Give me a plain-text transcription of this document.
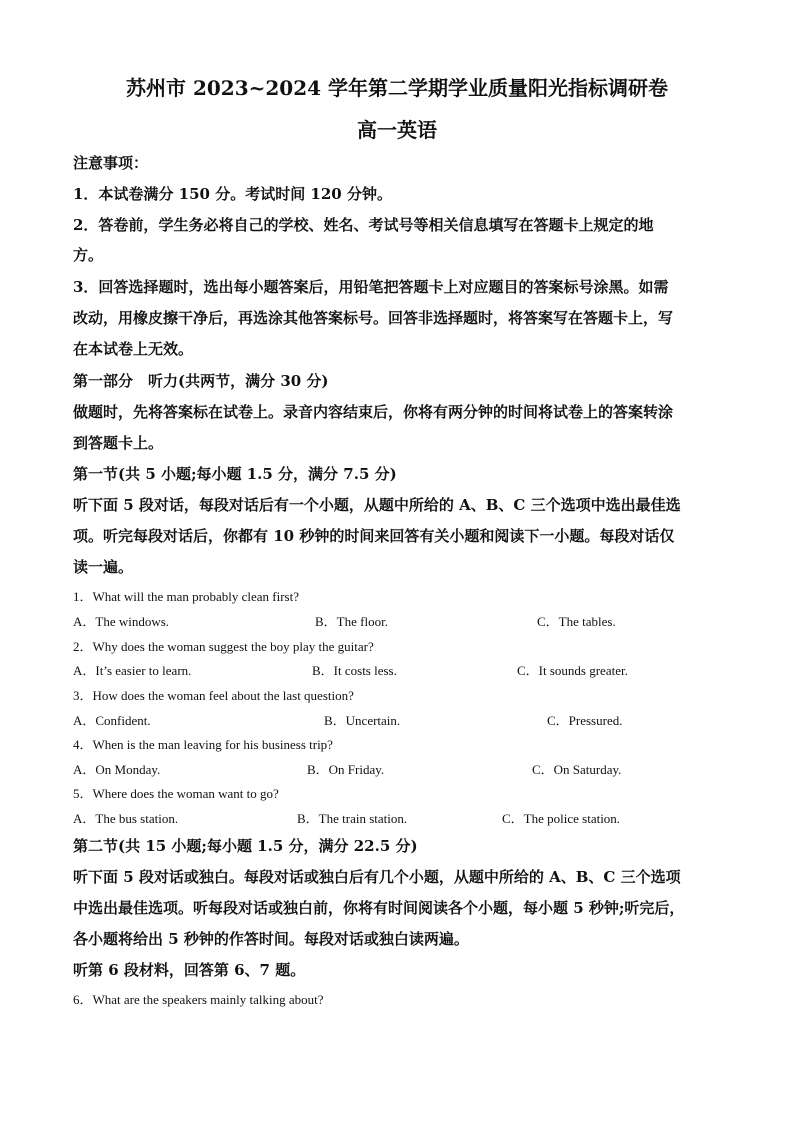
苏州市 2023~2024 学年第二学期学业质量阳光指标调研卷
高一英语
注意事项：
1．本试卷满分 150 分。考试时间 120 分钟。
2．答卷前，学生务必将自己的学校、姓名、考试号等相关信息填写在答题卡上规定的地
方。
3．回答选择题时，选出每小题答案后，用铅笔把答题卡上对应题目的答案标号涂黑。如需
改动，用橡皮擦干净后，再选涂其他答案标号。回答非选择题时，将答案写在答题卡上，写
在本试卷上无效。
第一部分　听力(共两节，满分 30 分)
做题时，先将答案标在试卷上。录音内容结束后，你将有两分钟的时间将试卷上的答案转涂
到答题卡上。
第一节(共 5 小题;每小题 1.5 分，满分 7.5 分)
听下面 5 段对话，每段对话后有一个小题，从题中所给的 A、B、C 三个选项中选出最佳选
项。听完每段对话后，你都有 10 秒钟的时间来回答有关小题和阅读下一小题。每段对话仅
读一遍。
1．What will the man probably clean first?
A．The windows.	B．The floor.	C．The tables.
2．Why does the woman suggest the boy play the guitar?
A．It’s easier to learn.	B．It costs less.	C．It sounds greater.
3．How does the woman feel about the last question?
A．Confident.	B．Uncertain.	C．Pressured.
4．When is the man leaving for his business trip?
A．On Monday.	B．On Friday.	C．On Saturday.
5．Where does the woman want to go?
A．The bus station.	B．The train station.	C．The police station.
第二节(共 15 小题;每小题 1.5 分，满分 22.5 分)
听下面 5 段对话或独白。每段对话或独白后有几个小题，从题中所给的 A、B、C 三个选项
中选出最佳选项。听每段对话或独白前，你将有时间阅读各个小题，每小题 5 秒钟;听完后，
各小题将给出 5 秒钟的作答时间。每段对话或独白读两遍。
听第 6 段材料，回答第 6、7 题。
6．What are the speakers mainly talking about?
